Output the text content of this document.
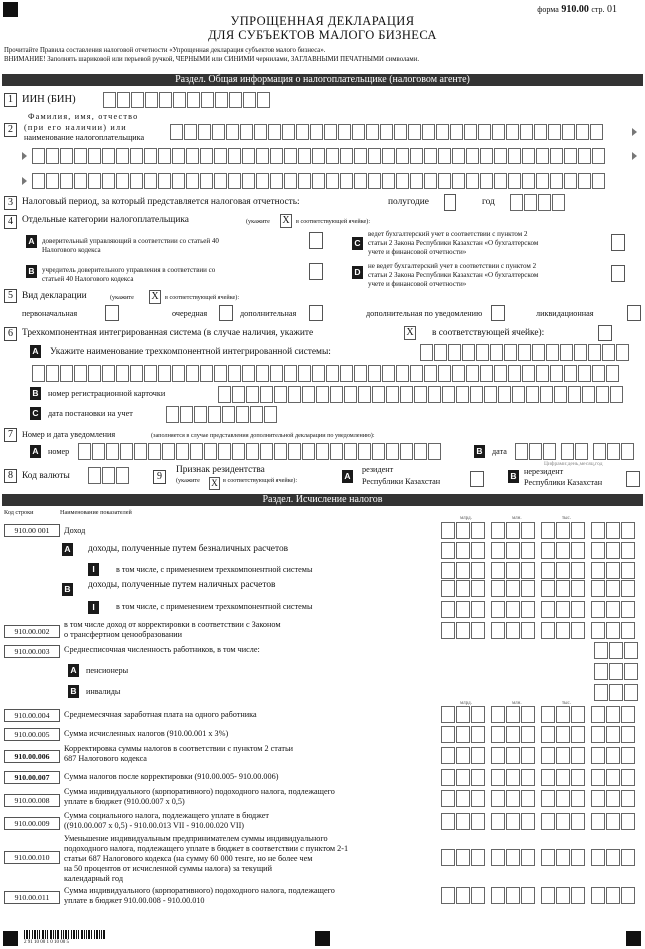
форма 910.00 стр. 01
УПРОЩЕННАЯ ДЕКЛАРАЦИЯ
ДЛЯ СУБЪЕКТОВ МАЛОГО БИЗНЕСА
Прочитайте Правила составления налоговой отчетности «Упрощенная декларация субъектов малого бизнеса».
ВНИМАНИЕ! Заполнять шариковой или перьевой ручкой, ЧЕРНЫМИ или СИНИМИ чернилами, ЗАГЛАВНЫМИ ПЕЧАТНЫМИ символами.
Раздел. Общая информация о налогоплательщике (налоговом агенте)
1 ИИН (БИН)
2
Фамилия, имя, отчество
(при его наличии) или
наименование налогоплательщика
3 Налоговый период, за который представляется налоговая отчетность:	полугодие	год
4 Отдельные категории налогоплательщика	(укажите X	в соответствующей ячейке):
A	доверительный управляющий в соответствии со статьей 40
Налогового кодекса
B	учредитель доверительного управления в соответствии со
статьей 40 Налогового кодекса
C
ведет бухгалтерский учет в соответствии с пунктом 2
статьи 2 Закона Республики Казахстан «О бухгалтерском
учете и финансовой отчетности»
D
не ведет бухгалтерский учет в соответствии с пунктом 2
статьи 2 Закона Республики Казахстан «О бухгалтерском
учете и финансовой отчетности»
5 Вид декларации	(укажите X	в соответствующей ячейке):
первоначальная	очередная	дополнительная	дополнительная по уведомлению	ликвидационная
6 Трехкомпонентная интегрированная система (в случае наличия, укажите	X в соответствующей ячейке):
A Укажите наименование трехкомпонентной интегрированной системы:
B номер регистрационной карточки
C дата постановки на учет
7	Номер и дата уведомления	(заполняется в случае представления дополнительной декларации по уведомлению):
A номер	B дата
Цифрами:день,месяц,год
8 Код валюты	9
Признак резидентства
(укажите X в соответствующей ячейке):	A
резидент
Республики Казахстан
B нерезидент
Республики Казахстан
Раздел. Исчисление налогов
Код строки	Наименование показателей
млрд.	млн.	тыс.
910.00 001	Доход
A доходы, полученные путем безналичных расчетов
I	в том числе, с применением трехкомпонентной системы
B доходы, полученные путем наличных расчетов
I	в том числе, с применением трехкомпонентной системы
910.00.002
в том числе доход от корректировки в соответствии с Законом
о трансфертном ценообразовании
910.00.003	Среднесписочная численность работников, в том числе:
A пенсионеры
B инвалиды
млрд.	млн.	тыс.
910.00.004	Среднемесячная заработная плата на одного работника
910.00.005	Сумма исчисленных налогов (910.00.001 x 3%)
910.00.006
Корректировка суммы налогов в соответствии с пунктом 2 статьи
687 Налогового кодекса
910.00.007	Сумма налогов после корректировки (910.00.005- 910.00.006)
910.00.008
Сумма индивидуального (корпоративного) подоходного налога, подлежащего
уплате в бюджет (910.00.007 x 0,5)
910.00.009
Сумма социального налога, подлежащего уплате в бюджет
((910.00.007 x 0,5) - 910.00.013 VII - 910.00.020 VII)
910.00.010
Уменьшение индивидуальным предпринимателем суммы индивидуального
подоходного налога, подлежащего уплате в бюджет в соответствии с пунктом 2-1
статьи 687 Налогового кодекса (на сумму 60 000 тенге, но не более чем
на 50 процентов от исчисленной суммы налога) за текущий
календарный год
910.00.011
Сумма индивидуального (корпоративного) подоходного налога, подлежащего
уплате в бюджет 910.00.008 - 910.00.010
2 91 10 00 1 0 10 00 5
